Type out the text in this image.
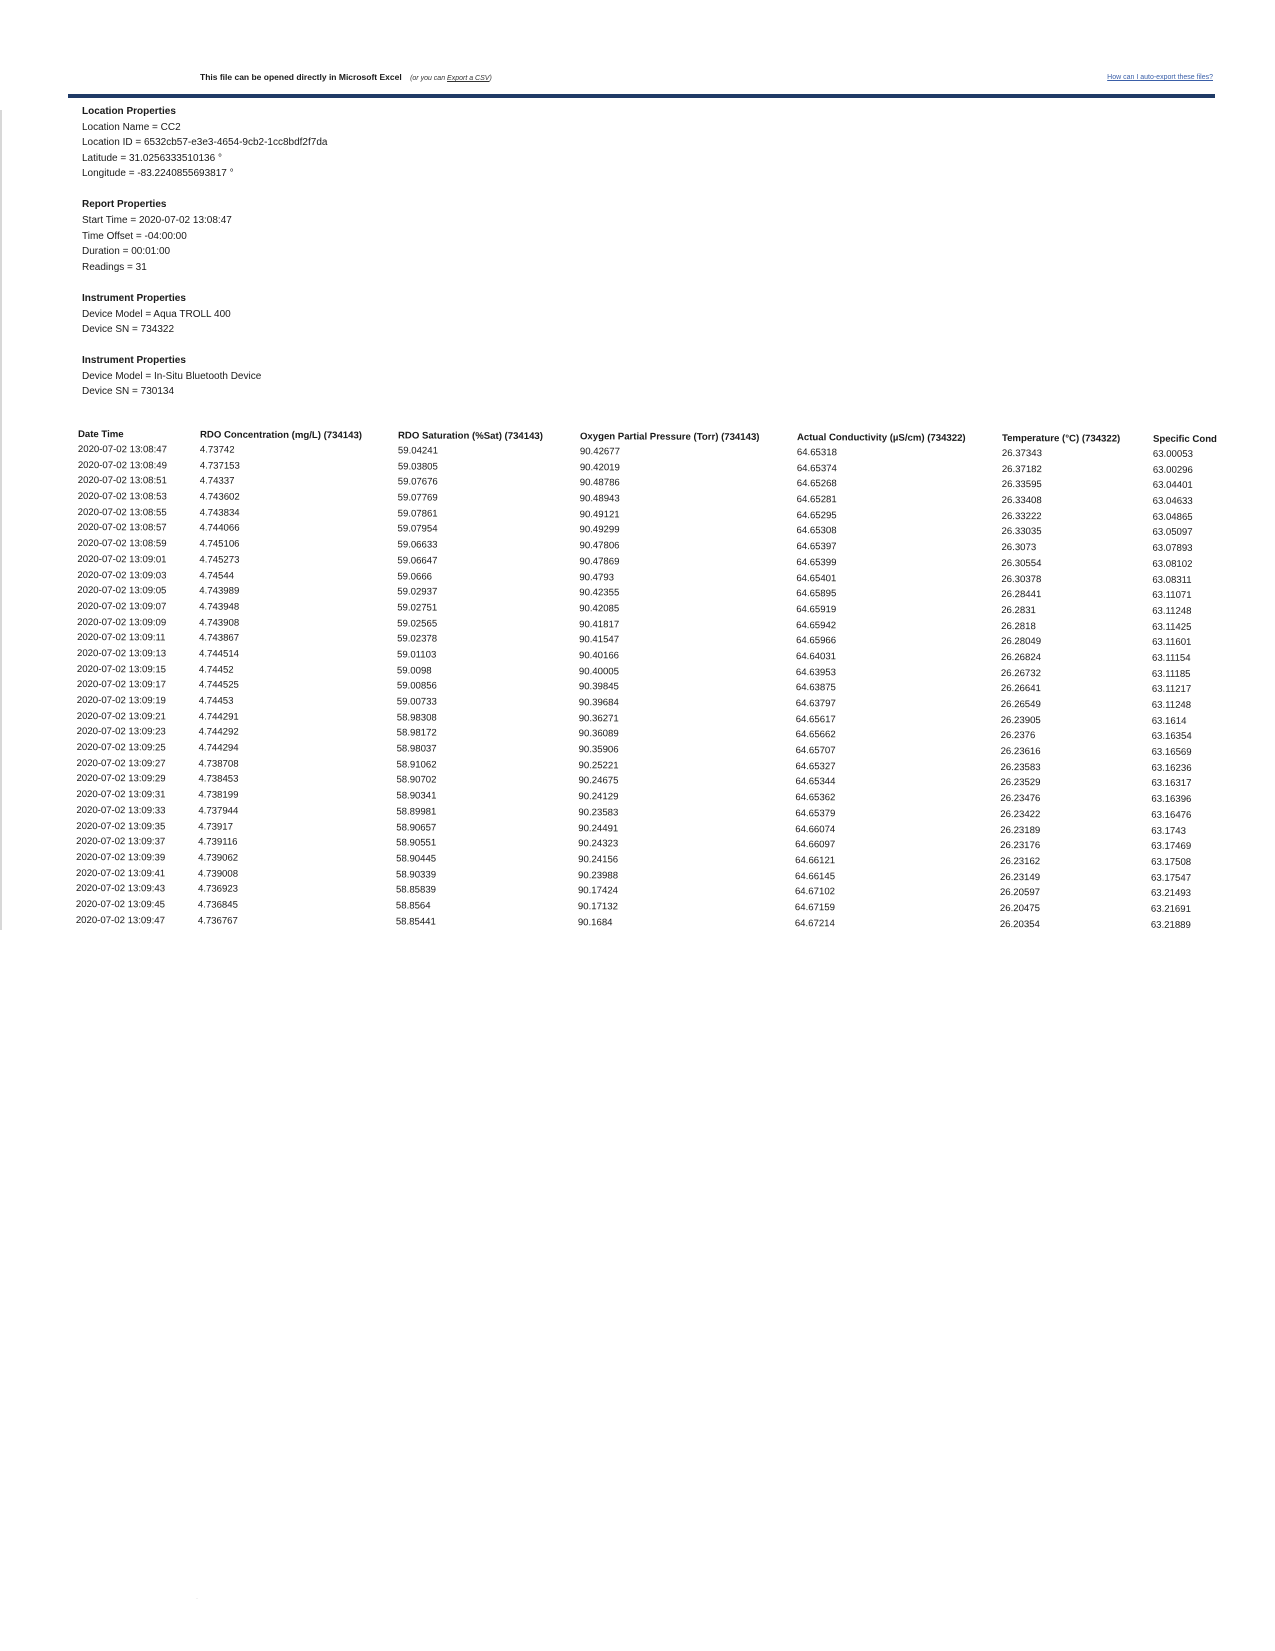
This file can be opened directly in Microsoft Excel (or you can Export a CSV)	How can I auto-export these files?
Location Properties
Location Name = CC2
Location ID = 6532cb57-e3e3-4654-9cb2-1cc8bdf2f7da
Latitude = 31.0256333510136 °
Longitude = -83.2240855693817 °
Report Properties
Start Time = 2020-07-02 13:08:47
Time Offset = -04:00:00
Duration = 00:01:00
Readings = 31
Instrument Properties
Device Model = Aqua TROLL 400
Device SN = 734322
Instrument Properties
Device Model = In-Situ Bluetooth Device
Device SN = 730134
Date Time	RDO Concentration (mg/L) (734143)	RDO Saturation (%Sat) (734143)	Oxygen Partial Pressure (Torr) (734143)	Actual Conductivity (µS/cm) (734322)	Temperature (°C) (734322)	Specific Cond
2020-07-02 13:08:47	4.73742	59.04241	90.42677	64.65318	26.37343	63.00053
2020-07-02 13:08:49	4.737153	59.03805	90.42019	64.65374	26.37182	63.00296
2020-07-02 13:08:51	4.74337	59.07676	90.48786	64.65268	26.33595	63.04401
2020-07-02 13:08:53	4.743602	59.07769	90.48943	64.65281	26.33408	63.04633
2020-07-02 13:08:55	4.743834	59.07861	90.49121	64.65295	26.33222	63.04865
2020-07-02 13:08:57	4.744066	59.07954	90.49299	64.65308	26.33035	63.05097
2020-07-02 13:08:59	4.745106	59.06633	90.47806	64.65397	26.3073	63.07893
2020-07-02 13:09:01	4.745273	59.06647	90.47869	64.65399	26.30554	63.08102
2020-07-02 13:09:03	4.74544	59.0666	90.4793	64.65401	26.30378	63.08311
2020-07-02 13:09:05	4.743989	59.02937	90.42355	64.65895	26.28441	63.11071
2020-07-02 13:09:07	4.743948	59.02751	90.42085	64.65919	26.2831	63.11248
2020-07-02 13:09:09	4.743908	59.02565	90.41817	64.65942	26.2818	63.11425
2020-07-02 13:09:11	4.743867	59.02378	90.41547	64.65966	26.28049	63.11601
2020-07-02 13:09:13	4.744514	59.01103	90.40166	64.64031	26.26824	63.11154
2020-07-02 13:09:15	4.74452	59.0098	90.40005	64.63953	26.26732	63.11185
2020-07-02 13:09:17	4.744525	59.00856	90.39845	64.63875	26.26641	63.11217
2020-07-02 13:09:19	4.74453	59.00733	90.39684	64.63797	26.26549	63.11248
2020-07-02 13:09:21	4.744291	58.98308	90.36271	64.65617	26.23905	63.1614
2020-07-02 13:09:23	4.744292	58.98172	90.36089	64.65662	26.2376	63.16354
2020-07-02 13:09:25	4.744294	58.98037	90.35906	64.65707	26.23616	63.16569
2020-07-02 13:09:27	4.738708	58.91062	90.25221	64.65327	26.23583	63.16236
2020-07-02 13:09:29	4.738453	58.90702	90.24675	64.65344	26.23529	63.16317
2020-07-02 13:09:31	4.738199	58.90341	90.24129	64.65362	26.23476	63.16396
2020-07-02 13:09:33	4.737944	58.89981	90.23583	64.65379	26.23422	63.16476
2020-07-02 13:09:35	4.73917	58.90657	90.24491	64.66074	26.23189	63.1743
2020-07-02 13:09:37	4.739116	58.90551	90.24323	64.66097	26.23176	63.17469
2020-07-02 13:09:39	4.739062	58.90445	90.24156	64.66121	26.23162	63.17508
2020-07-02 13:09:41	4.739008	58.90339	90.23988	64.66145	26.23149	63.17547
2020-07-02 13:09:43	4.736923	58.85839	90.17424	64.67102	26.20597	63.21493
2020-07-02 13:09:45	4.736845	58.8564	90.17132	64.67159	26.20475	63.21691
2020-07-02 13:09:47	4.736767	58.85441	90.1684	64.67214	26.20354	63.21889
·
